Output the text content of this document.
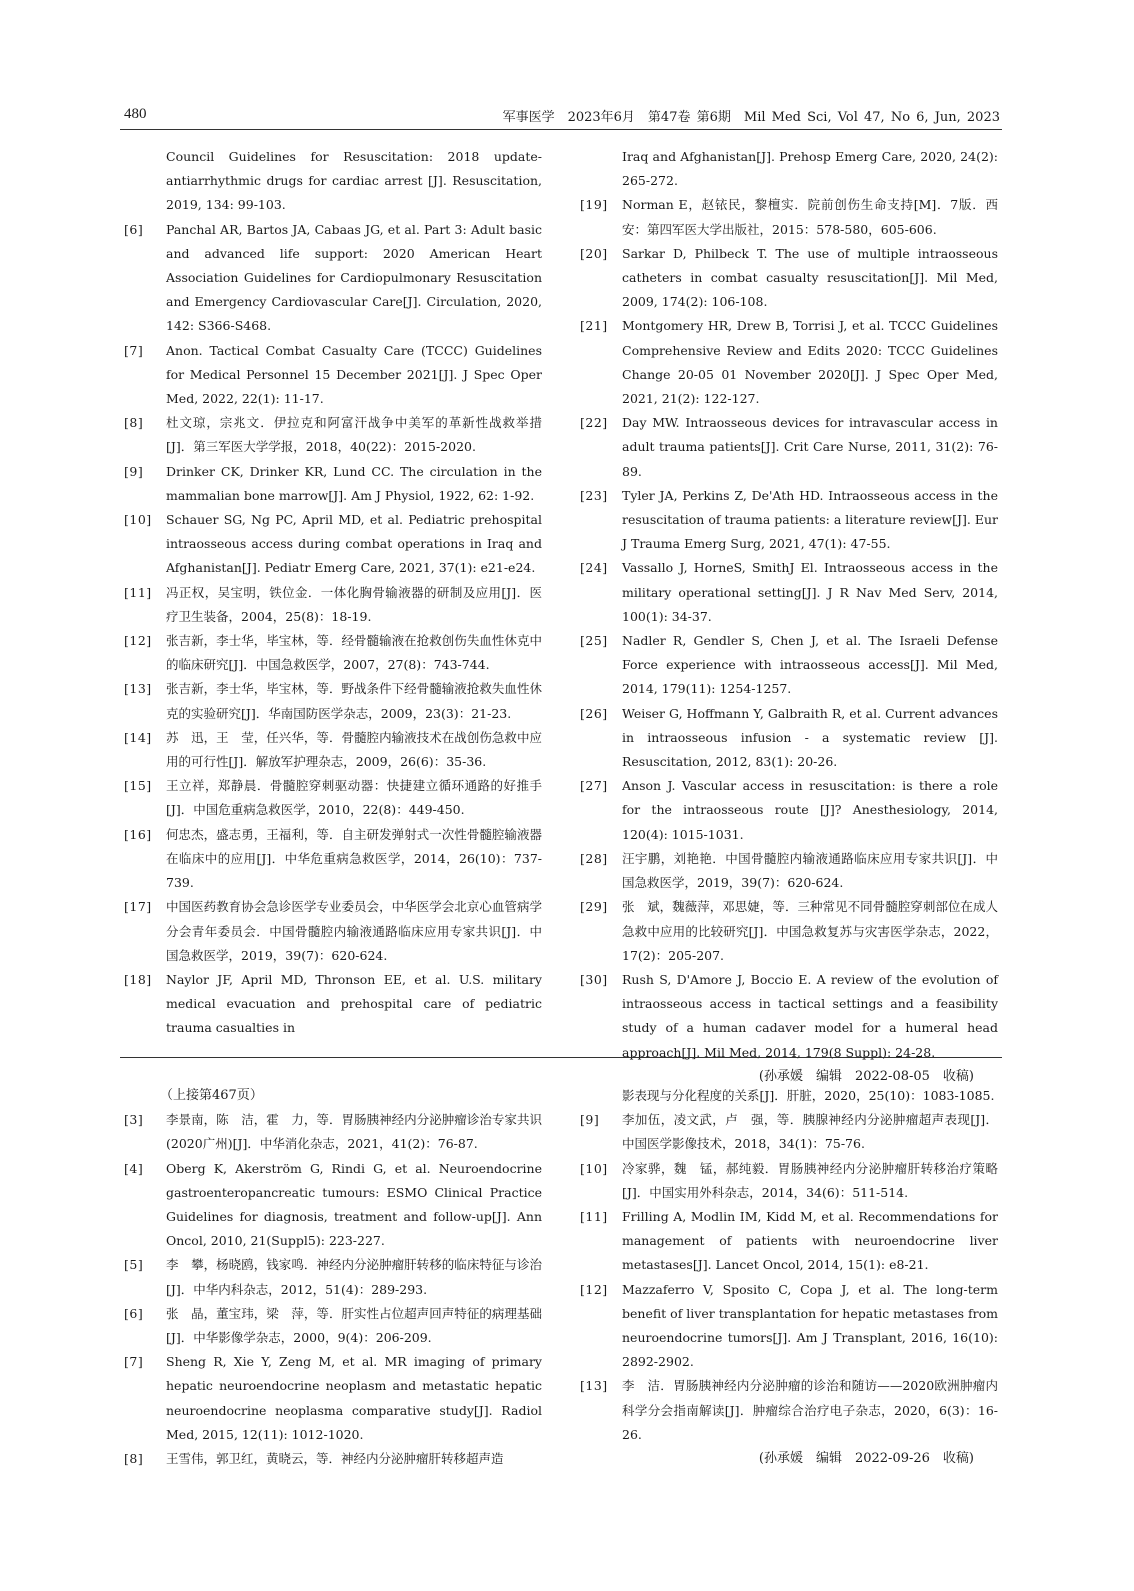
480	军事医学　2023年6月　第47卷 第6期　Mil Med Sci, Vol 47, No 6, Jun, 2023
Council Guidelines for Resuscitation: 2018 update-antiarrhythmic drugs for cardiac arrest [J]. Resuscitation, 2019, 134: 99-103.
[6]	Panchal AR, Bartos JA, Cabaas JG, et al. Part 3: Adult basic and advanced life support: 2020 American Heart Association Guidelines for Cardiopulmonary Resuscitation and Emergency Cardiovascular Care[J]. Circulation, 2020, 142: S366-S468.
[7]	Anon. Tactical Combat Casualty Care (TCCC) Guidelines for Medical Personnel 15 December 2021[J]. J Spec Oper Med, 2022, 22(1): 11-17.
[8]	杜文琼，宗兆文．伊拉克和阿富汗战争中美军的革新性战救举措[J]．第三军医大学学报，2018，40(22)：2015-2020.
[9]	Drinker CK, Drinker KR, Lund CC. The circulation in the mammalian bone marrow[J]. Am J Physiol, 1922, 62: 1-92.
[10]	Schauer SG, Ng PC, April MD, et al. Pediatric prehospital intraosseous access during combat operations in Iraq and Afghanistan[J]. Pediatr Emerg Care, 2021, 37(1): e21-e24.
[11]	冯正权，吴宝明，铁位金．一体化胸骨输液器的研制及应用[J]．医疗卫生装备，2004，25(8)：18-19.
[12]	张吉新，李士华，毕宝林，等．经骨髓输液在抢救创伤失血性休克中的临床研究[J]．中国急救医学，2007，27(8)：743-744.
[13]	张吉新，李士华，毕宝林，等．野战条件下经骨髓输液抢救失血性休克的实验研究[J]．华南国防医学杂志，2009，23(3)：21-23.
[14]	苏　迅，王　莹，任兴华，等．骨髓腔内输液技术在战创伤急救中应用的可行性[J]．解放军护理杂志，2009，26(6)：35-36.
[15]	王立祥，郑静晨．骨髓腔穿刺驱动器：快捷建立循环通路的好推手[J]．中国危重病急救医学，2010，22(8)：449-450.
[16]	何忠杰，盛志勇，王福利，等．自主研发弹射式一次性骨髓腔输液器在临床中的应用[J]．中华危重病急救医学，2014，26(10)：737-739.
[17]	中国医药教育协会急诊医学专业委员会，中华医学会北京心血管病学分会青年委员会．中国骨髓腔内输液通路临床应用专家共识[J]．中国急救医学，2019，39(7)：620-624.
[18]	Naylor JF, April MD, Thronson EE, et al. U.S. military medical evacuation and prehospital care of pediatric trauma casualties in
Iraq and Afghanistan[J]. Prehosp Emerg Care, 2020, 24(2): 265-272.
[19]	Norman E，赵铱民，黎檀实．院前创伤生命支持[M]．7版．西安：第四军医大学出版社，2015：578-580，605-606.
[20]	Sarkar D, Philbeck T. The use of multiple intraosseous catheters in combat casualty resuscitation[J]. Mil Med, 2009, 174(2): 106-108.
[21]	Montgomery HR, Drew B, Torrisi J, et al. TCCC Guidelines Comprehensive Review and Edits 2020: TCCC Guidelines Change 20-05 01 November 2020[J]. J Spec Oper Med, 2021, 21(2): 122-127.
[22]	Day MW. Intraosseous devices for intravascular access in adult trauma patients[J]. Crit Care Nurse, 2011, 31(2): 76-89.
[23]	Tyler JA, Perkins Z, De'Ath HD. Intraosseous access in the resuscitation of trauma patients: a literature review[J]. Eur J Trauma Emerg Surg, 2021, 47(1): 47-55.
[24]	Vassallo J, HorneS, SmithJ El. Intraosseous access in the military operational setting[J]. J R Nav Med Serv, 2014, 100(1): 34-37.
[25]	Nadler R, Gendler S, Chen J, et al. The Israeli Defense Force experience with intraosseous access[J]. Mil Med, 2014, 179(11): 1254-1257.
[26]	Weiser G, Hoffmann Y, Galbraith R, et al. Current advances in intraosseous infusion - a systematic review [J]. Resuscitation, 2012, 83(1): 20-26.
[27]	Anson J. Vascular access in resuscitation: is there a role for the intraosseous route [J]? Anesthesiology, 2014, 120(4): 1015-1031.
[28]	汪宇鹏，刘艳艳．中国骨髓腔内输液通路临床应用专家共识[J]．中国急救医学，2019，39(7)：620-624.
[29]	张　斌，魏薇萍，邓思婕，等．三种常见不同骨髓腔穿刺部位在成人急救中应用的比较研究[J]．中国急救复苏与灾害医学杂志，2022，17(2)：205-207.
[30]	Rush S, D'Amore J, Boccio E. A review of the evolution of intraosseous access in tactical settings and a feasibility study of a human cadaver model for a humeral head approach[J]. Mil Med, 2014, 179(8 Suppl): 24-28.
(孙承媛　编辑　2022-08-05　收稿)
（上接第467页）
[3]	李景南，陈　洁，霍　力，等．胃肠胰神经内分泌肿瘤诊治专家共识(2020广州)[J]．中华消化杂志，2021，41(2)：76-87.
[4]	Oberg K, Akerström G, Rindi G, et al. Neuroendocrine gastroenteropancreatic tumours: ESMO Clinical Practice Guidelines for diagnosis, treatment and follow-up[J]. Ann Oncol, 2010, 21(Suppl5): 223-227.
[5]	李　攀，杨晓鸥，钱家鸣．神经内分泌肿瘤肝转移的临床特征与诊治[J]．中华内科杂志，2012，51(4)：289-293.
[6]	张　晶，董宝玮，梁　萍，等．肝实性占位超声回声特征的病理基础[J]．中华影像学杂志，2000，9(4)：206-209.
[7]	Sheng R, Xie Y, Zeng M, et al. MR imaging of primary hepatic neuroendocrine neoplasm and metastatic hepatic neuroendocrine neoplasma comparative study[J]. Radiol Med, 2015, 12(11): 1012-1020.
[8]	王雪伟，郭卫红，黄晓云，等．神经内分泌肿瘤肝转移超声造
影表现与分化程度的关系[J]．肝脏，2020，25(10)：1083-1085.
[9]	李加伍，凌文武，卢　强，等．胰腺神经内分泌肿瘤超声表现[J]．中国医学影像技术，2018，34(1)：75-76.
[10]	冷家骅，魏　锰，郝纯毅．胃肠胰神经内分泌肿瘤肝转移治疗策略[J]．中国实用外科杂志，2014，34(6)：511-514.
[11]	Frilling A, Modlin IM, Kidd M, et al. Recommendations for management of patients with neuroendocrine liver metastases[J]. Lancet Oncol, 2014, 15(1): e8-21.
[12]	Mazzaferro V, Sposito C, Copa J, et al. The long-term benefit of liver transplantation for hepatic metastases from neuroendocrine tumors[J]. Am J Transplant, 2016, 16(10): 2892-2902.
[13]	李　洁．胃肠胰神经内分泌肿瘤的诊治和随访——2020欧洲肿瘤内科学分会指南解读[J]．肿瘤综合治疗电子杂志，2020，6(3)：16-26.
(孙承媛　编辑　2022-09-26　收稿)
